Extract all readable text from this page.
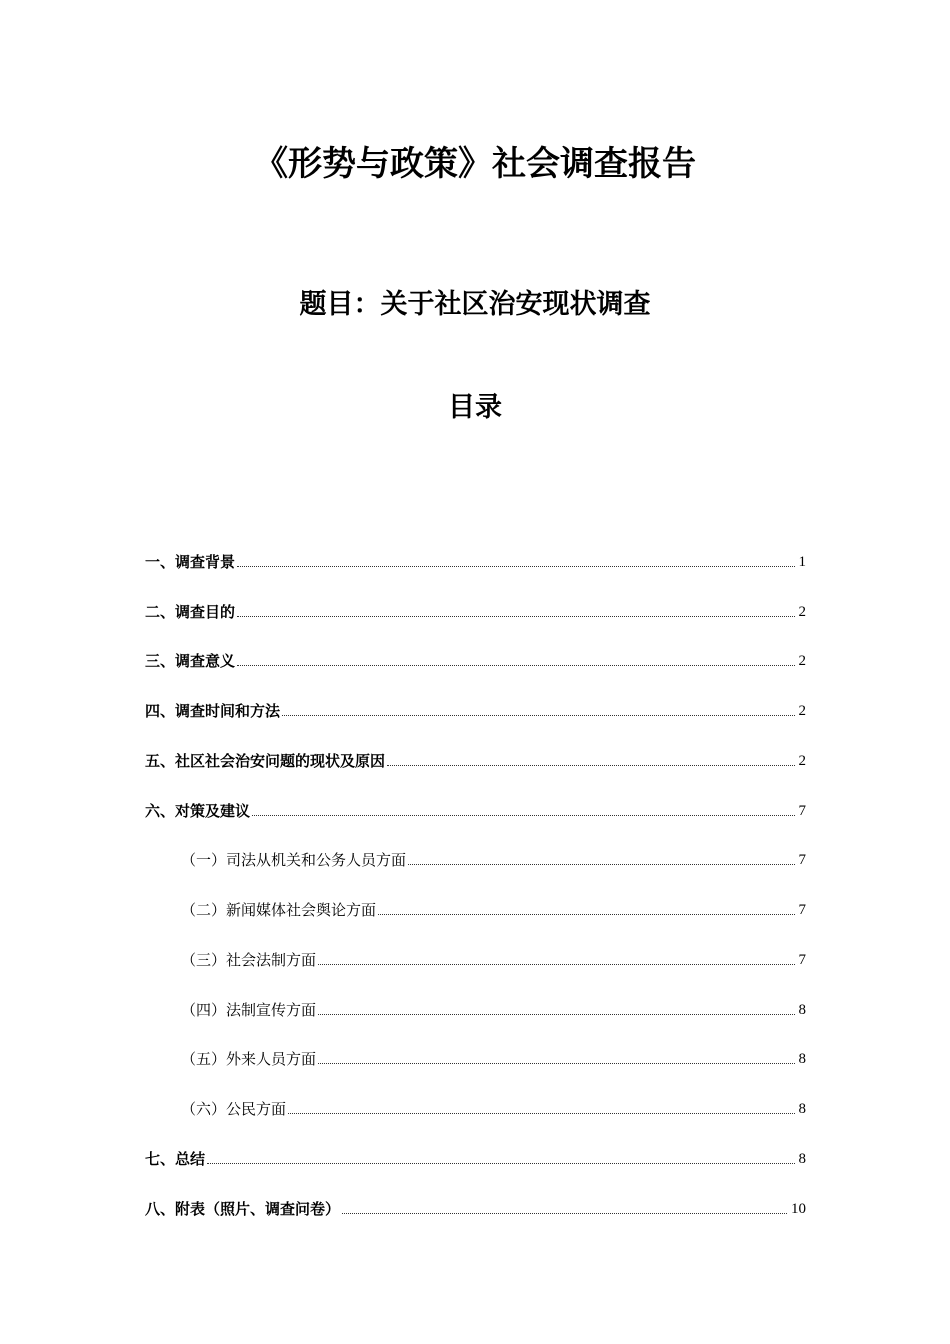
《形势与政策》社会调查报告
题目：关于社区治安现状调查
目录
一、调查背景	1
二、调查目的	2
三、调查意义	2
四、调查时间和方法	2
五、社区社会治安问题的现状及原因	2
六、对策及建议	7
（一）司法从机关和公务人员方面	7
（二）新闻媒体社会舆论方面	7
（三）社会法制方面	7
（四）法制宣传方面	8
（五）外来人员方面	8
（六）公民方面	8
七、总结	8
八、附表（照片、调查问卷）	10
